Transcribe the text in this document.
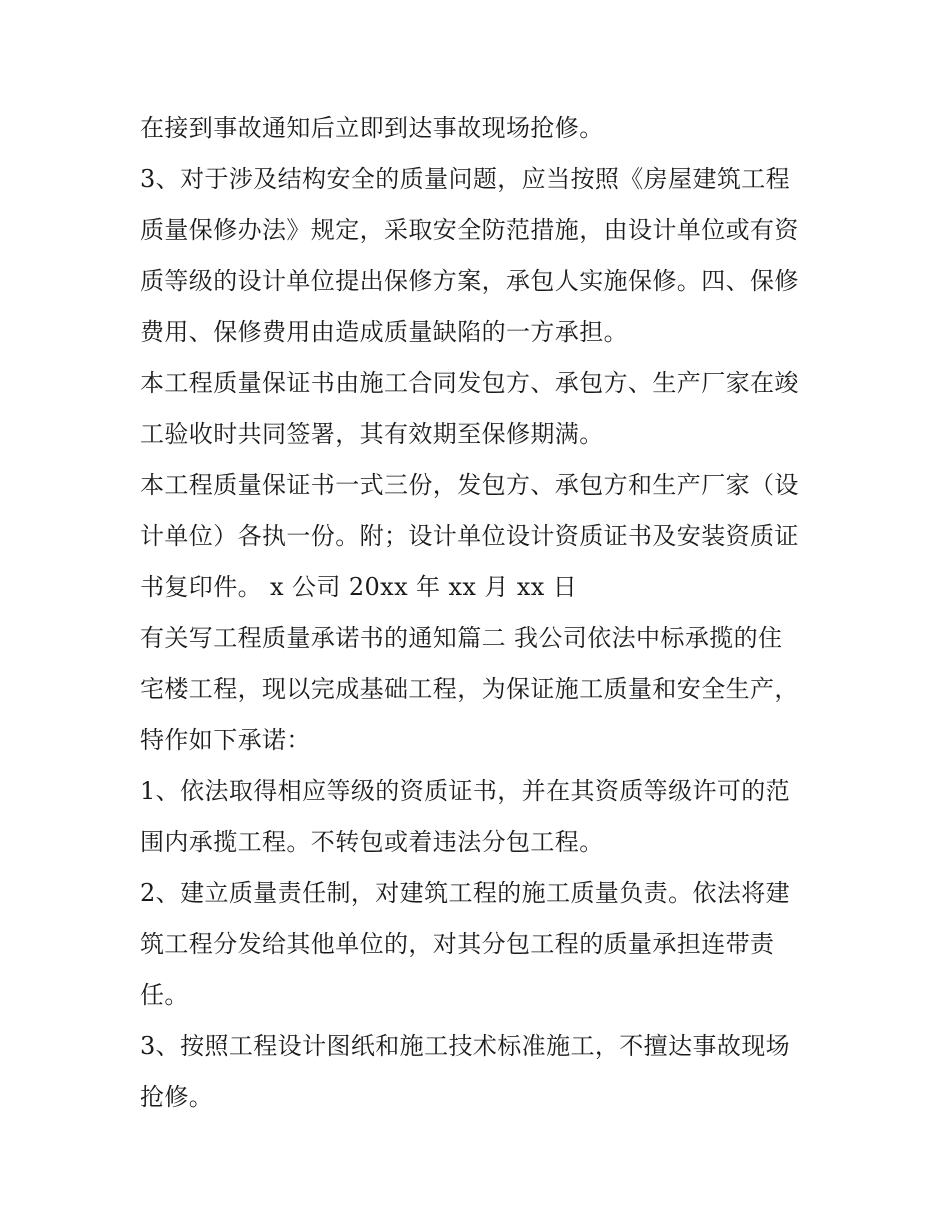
在接到事故通知后立即到达事故现场抢修。
3、对于涉及结构安全的质量问题，应当按照《房屋建筑工程
质量保修办法》规定，采取安全防范措施，由设计单位或有资
质等级的设计单位提出保修方案，承包人实施保修。四、保修
费用、保修费用由造成质量缺陷的一方承担。
本工程质量保证书由施工合同发包方、承包方、生产厂家在竣
工验收时共同签署，其有效期至保修期满。
本工程质量保证书一式三份，发包方、承包方和生产厂家（设
计单位）各执一份。附；设计单位设计资质证书及安装资质证
书复印件。 x 公司 20xx 年 xx 月 xx 日
有关写工程质量承诺书的通知篇二 我公司依法中标承揽的住
宅楼工程，现以完成基础工程，为保证施工质量和安全生产，
特作如下承诺：
1、依法取得相应等级的资质证书，并在其资质等级许可的范
围内承揽工程。不转包或着违法分包工程。
2、建立质量责任制，对建筑工程的施工质量负责。依法将建
筑工程分发给其他单位的，对其分包工程的质量承担连带责
任。
3、按照工程设计图纸和施工技术标准施工，不擅达事故现场
抢修。
